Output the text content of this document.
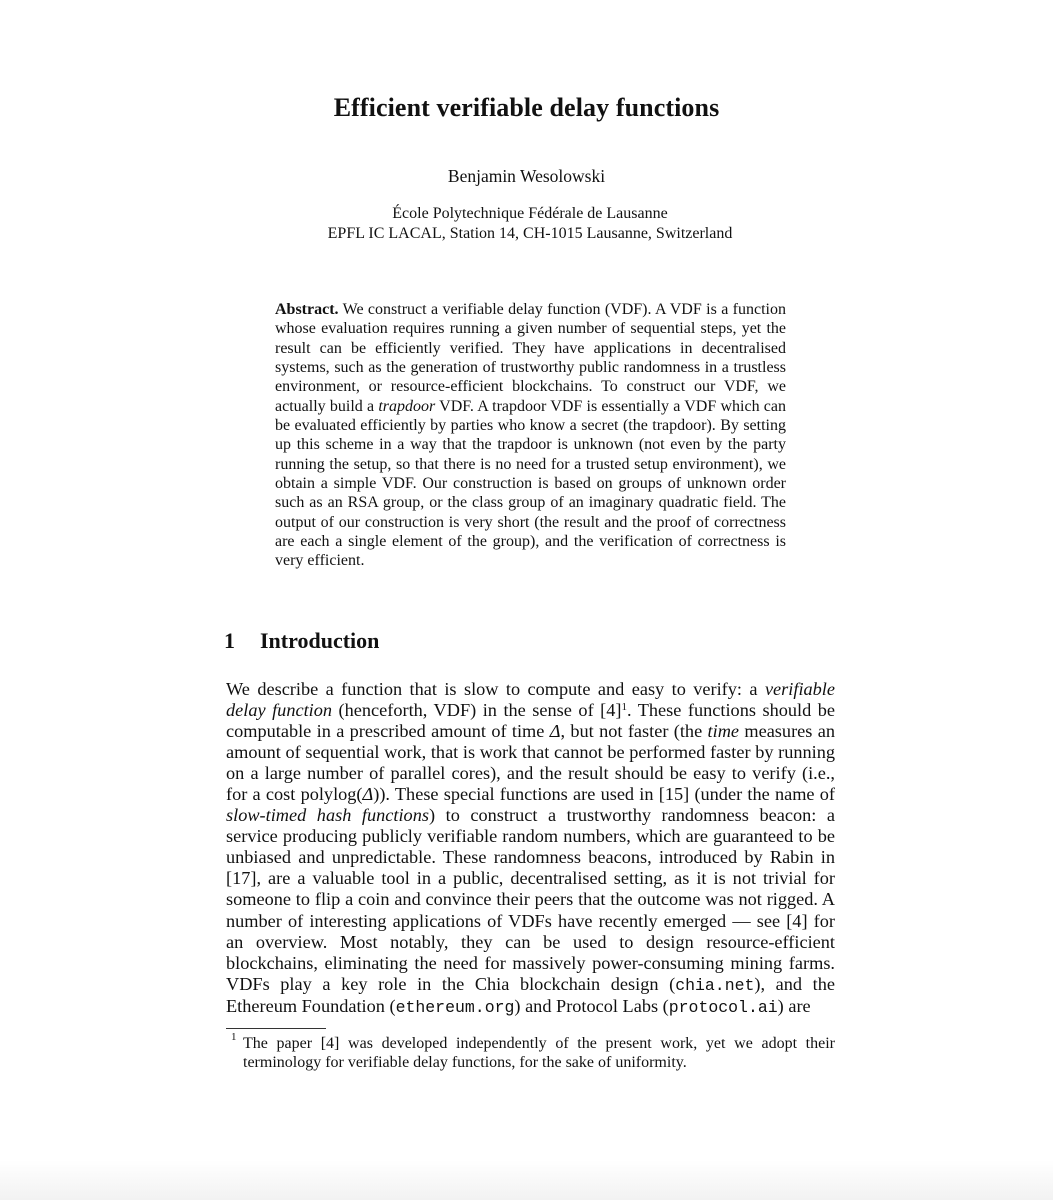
Efficient verifiable delay functions
Benjamin Wesolowski
École Polytechnique Fédérale de Lausanne
EPFL IC LACAL, Station 14, CH-1015 Lausanne, Switzerland
Abstract. We construct a verifiable delay function (VDF). A VDF is a function whose evaluation requires running a given number of sequential steps, yet the result can be efficiently verified. They have applications in decentralised systems, such as the generation of trustworthy public randomness in a trustless environment, or resource-efficient blockchains. To construct our VDF, we actually build a trapdoor VDF. A trapdoor VDF is essentially a VDF which can be evaluated efficiently by parties who know a secret (the trapdoor). By setting up this scheme in a way that the trapdoor is unknown (not even by the party running the setup, so that there is no need for a trusted setup environment), we obtain a simple VDF. Our construction is based on groups of unknown order such as an RSA group, or the class group of an imaginary quadratic field. The output of our construction is very short (the result and the proof of correctness are each a single element of the group), and the verification of correctness is very efficient.
1 Introduction
We describe a function that is slow to compute and easy to verify: a verifiable delay function (henceforth, VDF) in the sense of $[4]^1$. These functions should be computable in a prescribed amount of time Δ, but not faster (the time measures an amount of sequential work, that is work that cannot be performed faster by running on a large number of parallel cores), and the result should be easy to verify (i.e., for a cost polylog(Δ)). These special functions are used in [15] (under the name of slow-timed hash functions) to construct a trustworthy randomness beacon: a service producing publicly verifiable random numbers, which are guaranteed to be unbiased and unpredictable. These randomness beacons, introduced by Rabin in [17], are a valuable tool in a public, decentralised setting, as it is not trivial for someone to flip a coin and convince their peers that the outcome was not rigged. A number of interesting applications of VDFs have recently emerged — see [4] for an overview. Most notably, they can be used to design resource-efficient blockchains, eliminating the need for massively power-consuming mining farms. VDFs play a key role in the Chia blockchain design (chia.net), and the Ethereum Foundation (ethereum.org) and Protocol Labs (protocol.ai) are
1 The paper [4] was developed independently of the present work, yet we adopt their terminology for verifiable delay functions, for the sake of uniformity.
